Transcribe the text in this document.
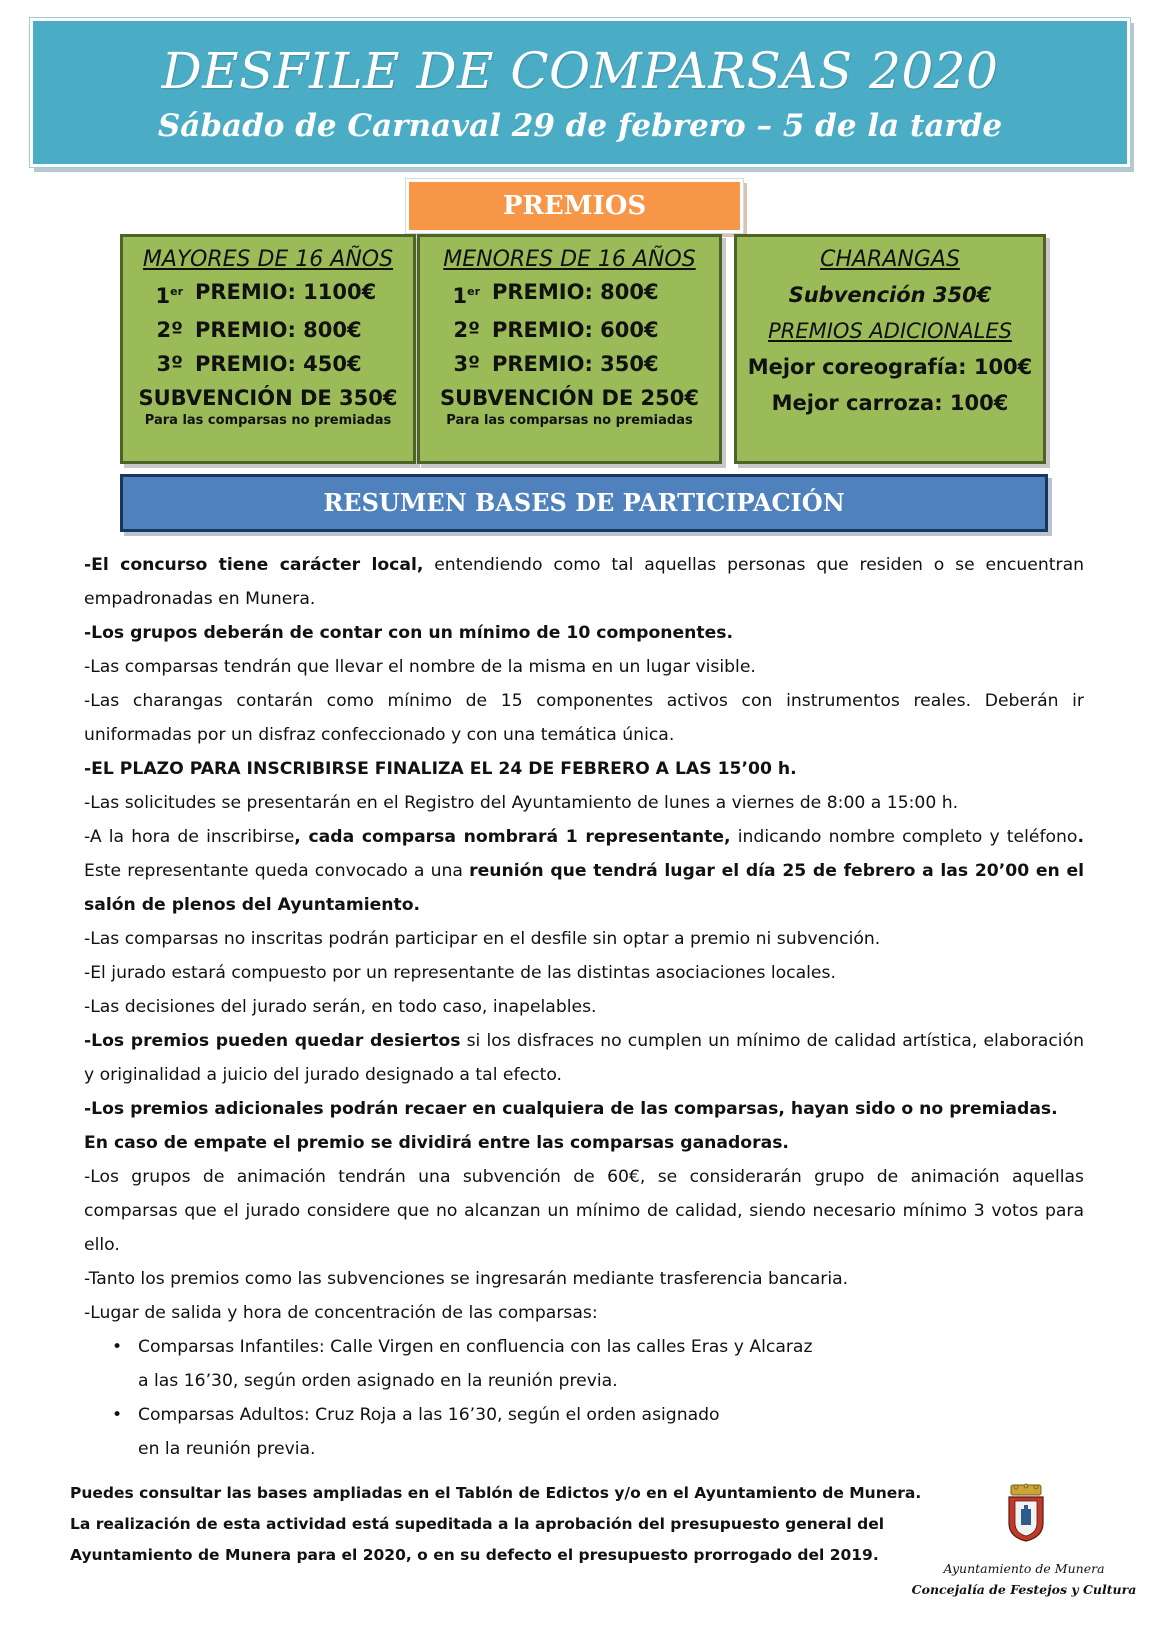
DESFILE DE COMPARSAS 2020
Sábado de Carnaval 29 de febrero – 5 de la tarde
PREMIOS
MAYORES DE 16 AÑOS
1er PREMIO: 1100€
2º PREMIO: 800€
3º PREMIO: 450€
SUBVENCIÓN DE 350€
Para las comparsas no premiadas
MENORES DE 16 AÑOS
1er PREMIO: 800€
2º PREMIO: 600€
3º PREMIO: 350€
SUBVENCIÓN DE 250€
Para las comparsas no premiadas
CHARANGAS
Subvención 350€
PREMIOS ADICIONALES
Mejor coreografía: 100€
Mejor carroza: 100€
RESUMEN BASES DE PARTICIPACIÓN

-El concurso tiene carácter local, entendiendo como tal aquellas personas que residen o se encuentran empadronadas en Munera.

-Los grupos deberán de contar con un mínimo de 10 componentes.

-Las comparsas tendrán que llevar el nombre de la misma en un lugar visible.

-Las charangas contarán como mínimo de 15 componentes activos con instrumentos reales. Deberán ir uniformadas por un disfraz confeccionado y con una temática única.

-EL PLAZO PARA INSCRIBIRSE FINALIZA EL 24 DE FEBRERO A LAS 15’00 h.

-Las solicitudes se presentarán en el Registro del Ayuntamiento de lunes a viernes de 8:00 a 15:00 h.

-A la hora de inscribirse, cada comparsa nombrará 1 representante, indicando nombre completo y teléfono. Este representante queda convocado a una reunión que tendrá lugar el día 25 de febrero a las 20’00 en el salón de plenos del Ayuntamiento.

-Las comparsas no inscritas podrán participar en el desfile sin optar a premio ni subvención.

-El jurado estará compuesto por un representante de las distintas asociaciones locales.

-Las decisiones del jurado serán, en todo caso, inapelables.

-Los premios pueden quedar desiertos si los disfraces no cumplen un mínimo de calidad artística, elaboración y originalidad a juicio del jurado designado a tal efecto.

-Los premios adicionales podrán recaer en cualquiera de las comparsas, hayan sido o no premiadas.

En caso de empate el premio se dividirá entre las comparsas ganadoras.

-Los grupos de animación tendrán una subvención de 60€, se considerarán grupo de animación aquellas comparsas que el jurado considere que no alcanzan un mínimo de calidad, siendo necesario mínimo 3 votos para ello.

-Tanto los premios como las subvenciones se ingresarán mediante trasferencia bancaria.

-Lugar de salida y hora de concentración de las comparsas:

• Comparsas Infantiles: Calle Virgen en confluencia con las calles Eras y Alcaraz

a las 16’30, según orden asignado en la reunión previa.

• Comparsas Adultos: Cruz Roja a las 16’30, según el orden asignado

en la reunión previa.

Puedes consultar las bases ampliadas en el Tablón de Edictos y/o en el Ayuntamiento de Munera.
La realización de esta actividad está supeditada a la aprobación del presupuesto general del Ayuntamiento de Munera para el 2020, o en su defecto el presupuesto prorrogado del 2019.
Ayuntamiento de Munera
Concejalía de Festejos y Cultura
